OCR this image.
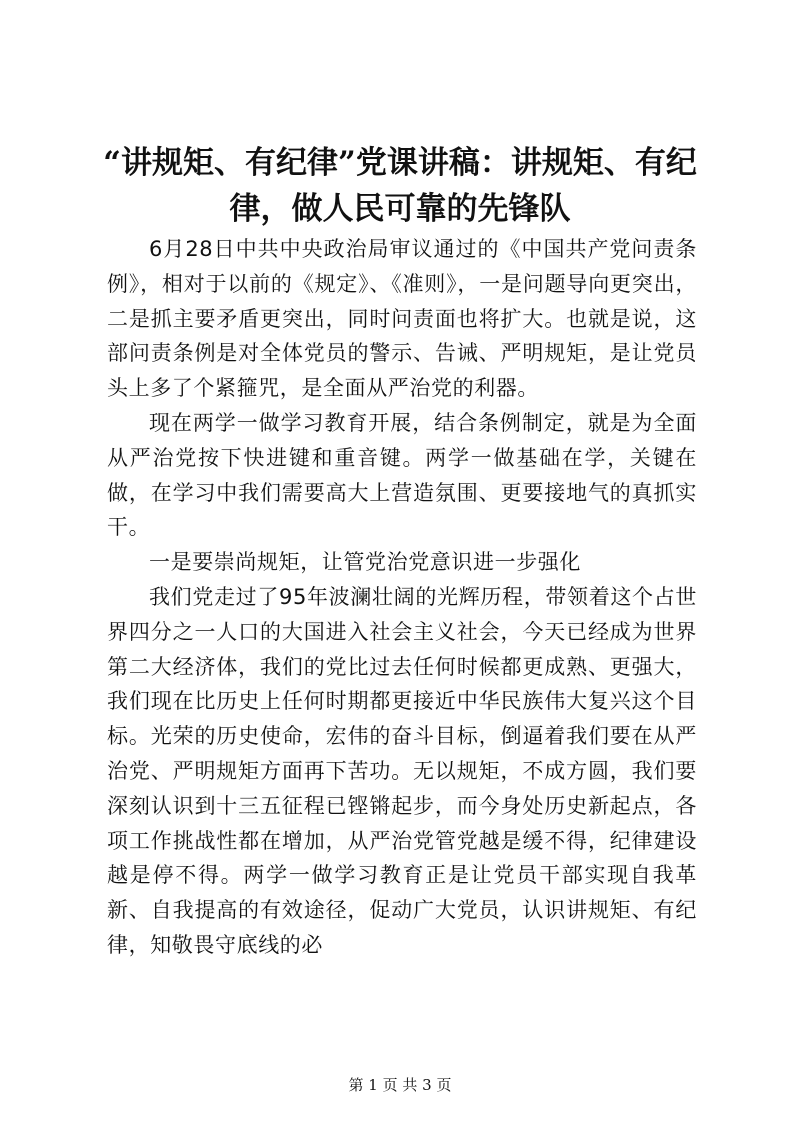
“讲规矩、有纪律”党课讲稿：讲规矩、有纪律，做人民可靠的先锋队

6月28日中共中央政治局审议通过的《中国共产党问责条例》，相对于以前的《规定》、《准则》，一是问题导向更突出，二是抓主要矛盾更突出，同时问责面也将扩大。也就是说，这部问责条例是对全体党员的警示、告诫、严明规矩，是让党员头上多了个紧箍咒，是全面从严治党的利器。

现在两学一做学习教育开展，结合条例制定，就是为全面从严治党按下快进键和重音键。两学一做基础在学，关键在做，在学习中我们需要高大上营造氛围、更要接地气的真抓实干。

一是要崇尚规矩，让管党治党意识进一步强化

我们党走过了95年波澜壮阔的光辉历程，带领着这个占世界四分之一人口的大国进入社会主义社会，今天已经成为世界第二大经济体，我们的党比过去任何时候都更成熟、更强大，我们现在比历史上任何时期都更接近中华民族伟大复兴这个目标。光荣的历史使命，宏伟的奋斗目标，倒逼着我们要在从严治党、严明规矩方面再下苦功。无以规矩，不成方圆，我们要深刻认识到十三五征程已铿锵起步，而今身处历史新起点，各项工作挑战性都在增加，从严治党管党越是缓不得，纪律建设越是停不得。两学一做学习教育正是让党员干部实现自我革新、自我提高的有效途径，促动广大党员，认识讲规矩、有纪律，知敬畏守底线的必

第 1 页 共 3 页
